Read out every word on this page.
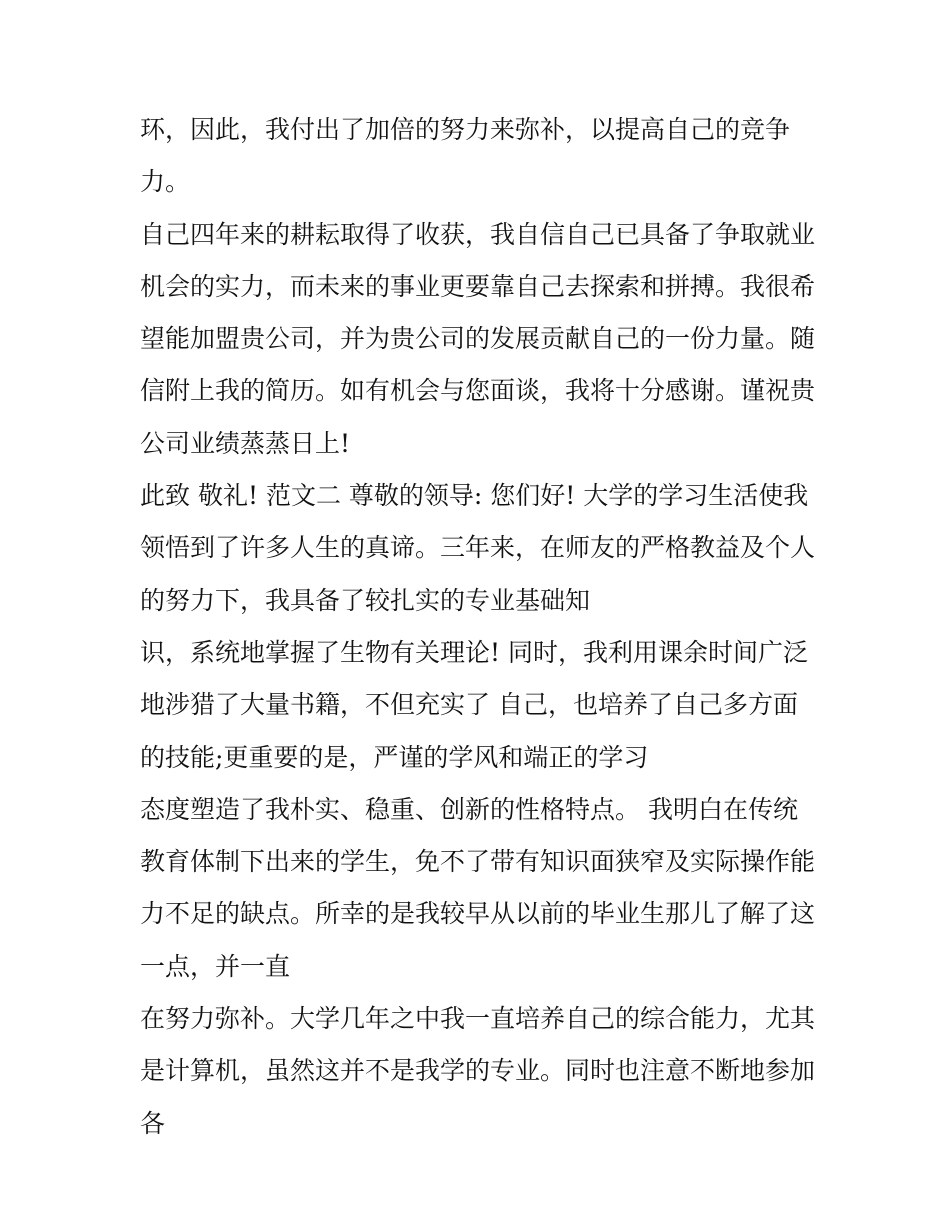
环，因此，我付出了加倍的努力来弥补，以提高自己的竞争
力。
自己四年来的耕耘取得了收获，我自信自己已具备了争取就业
机会的实力，而未来的事业更要靠自己去探索和拼搏。我很希
望能加盟贵公司，并为贵公司的发展贡献自己的一份力量。随
信附上我的简历。如有机会与您面谈，我将十分感谢。谨祝贵
公司业绩蒸蒸日上!
此致 敬礼! 范文二 尊敬的领导: 您们好! 大学的学习生活使我
领悟到了许多人生的真谛。三年来，在师友的严格教益及个人
的努力下，我具备了较扎实的专业基础知
识，系统地掌握了生物有关理论! 同时，我利用课余时间广泛
地涉猎了大量书籍，不但充实了 自己，也培养了自己多方面
的技能;更重要的是，严谨的学风和端正的学习
态度塑造了我朴实、稳重、创新的性格特点。 我明白在传统
教育体制下出来的学生，免不了带有知识面狭窄及实际操作能
力不足的缺点。所幸的是我较早从以前的毕业生那儿了解了这
一点，并一直
在努力弥补。大学几年之中我一直培养自己的综合能力，尤其
是计算机，虽然这并不是我学的专业。同时也注意不断地参加
各
